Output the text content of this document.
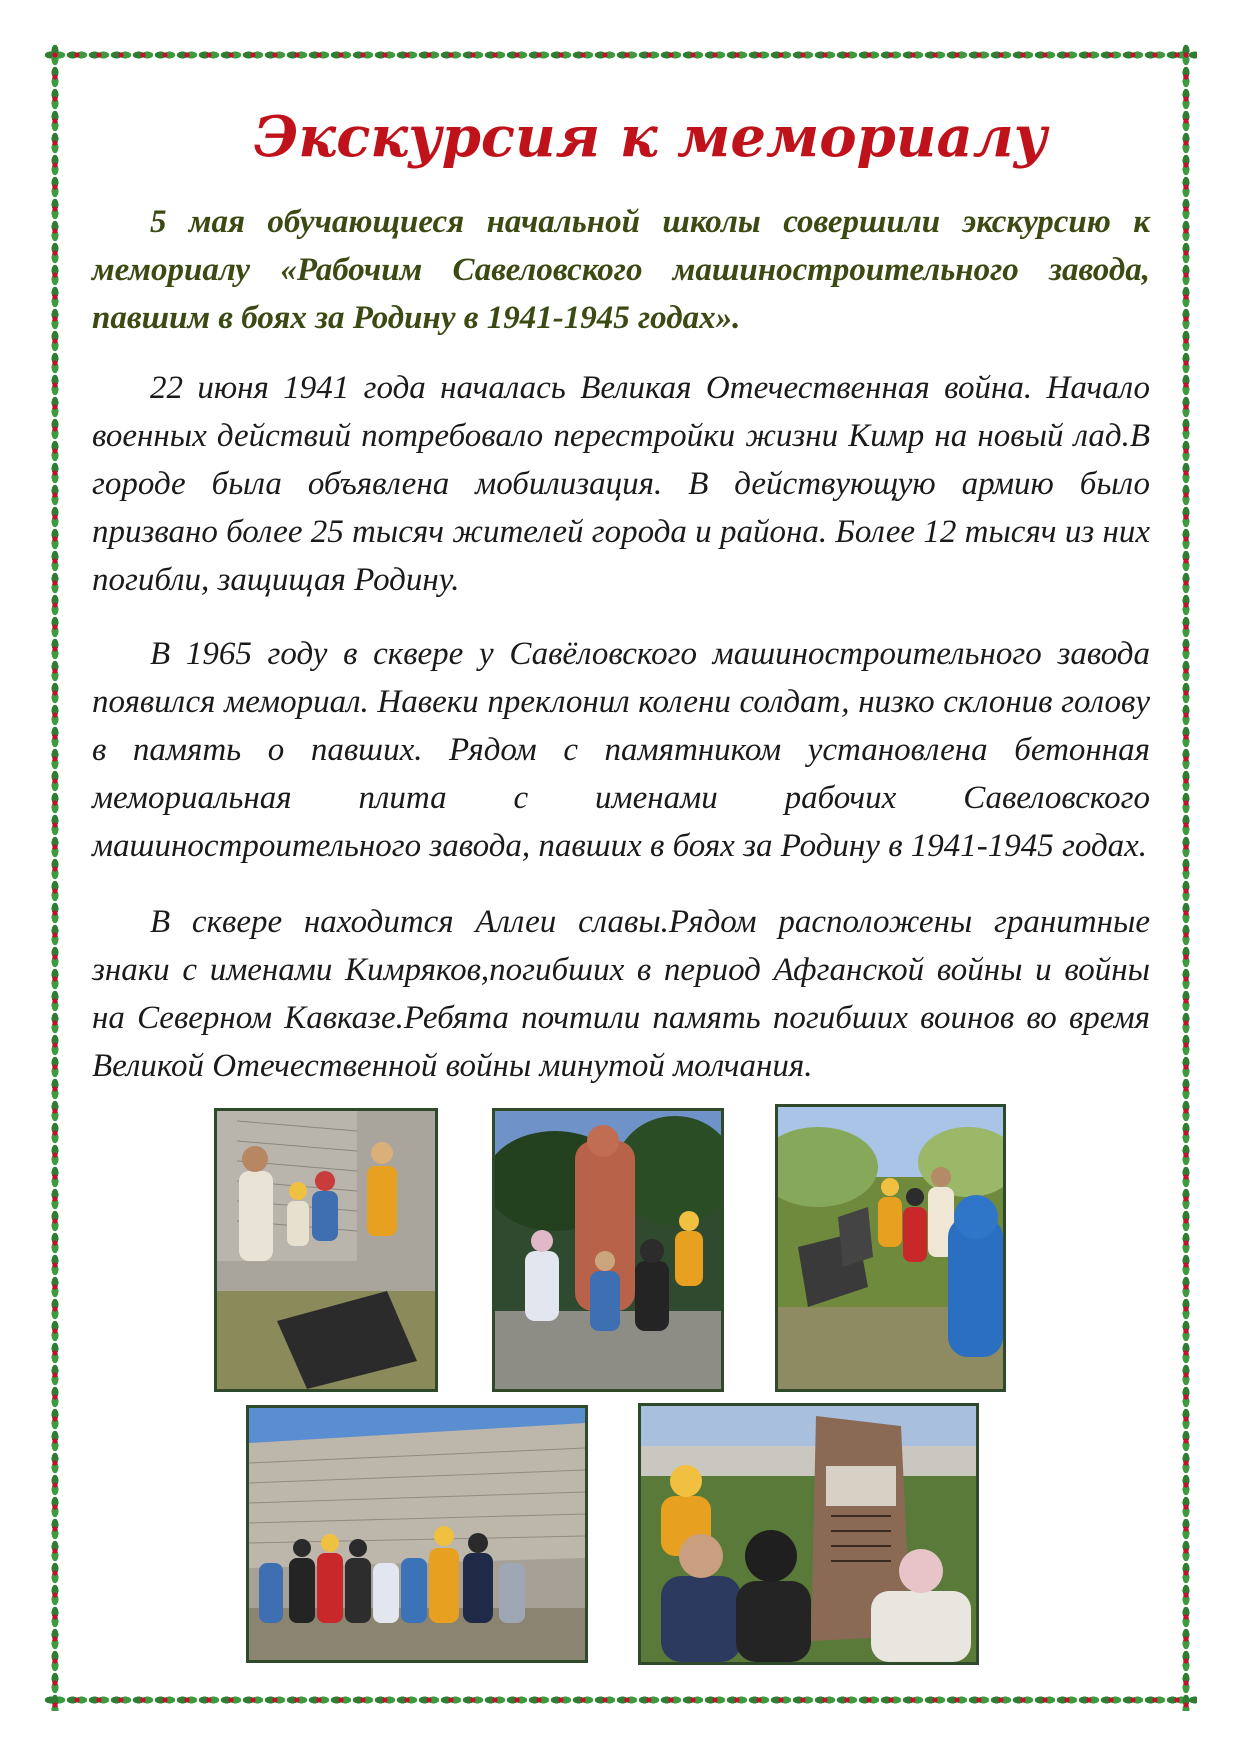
Экскурсия к мемориалу

5 мая обучающиеся начальной школы совершили экскурсию к мемориалу «Рабочим Савеловского машиностроительного завода, павшим в боях за Родину в 1941-1945 годах».

22 июня 1941 года началась Великая Отечественная война. Начало военных действий потребовало перестройки жизни Кимр на новый лад.В городе была объявлена мобилизация. В действующую армию было призвано более 25 тысяч жителей города и района. Более 12 тысяч из них погибли, защищая Родину.

В 1965 году в сквере у Савёловского машиностроительного завода появился мемориал. Навеки преклонил колени солдат, низко склонив голову в память о павших. Рядом с памятником установлена бетонная мемориальная плита с именами рабочих Савеловского машиностроительного завода, павших в боях за Родину в 1941-1945 годах.

В сквере находится Аллеи славы.Рядом расположены гранитные знаки с именами Кимряков,погибших в период Афганской войны и войны на Северном Кавказе.Ребята почтили память погибших воинов во время Великой Отечественной войны минутой молчания.
